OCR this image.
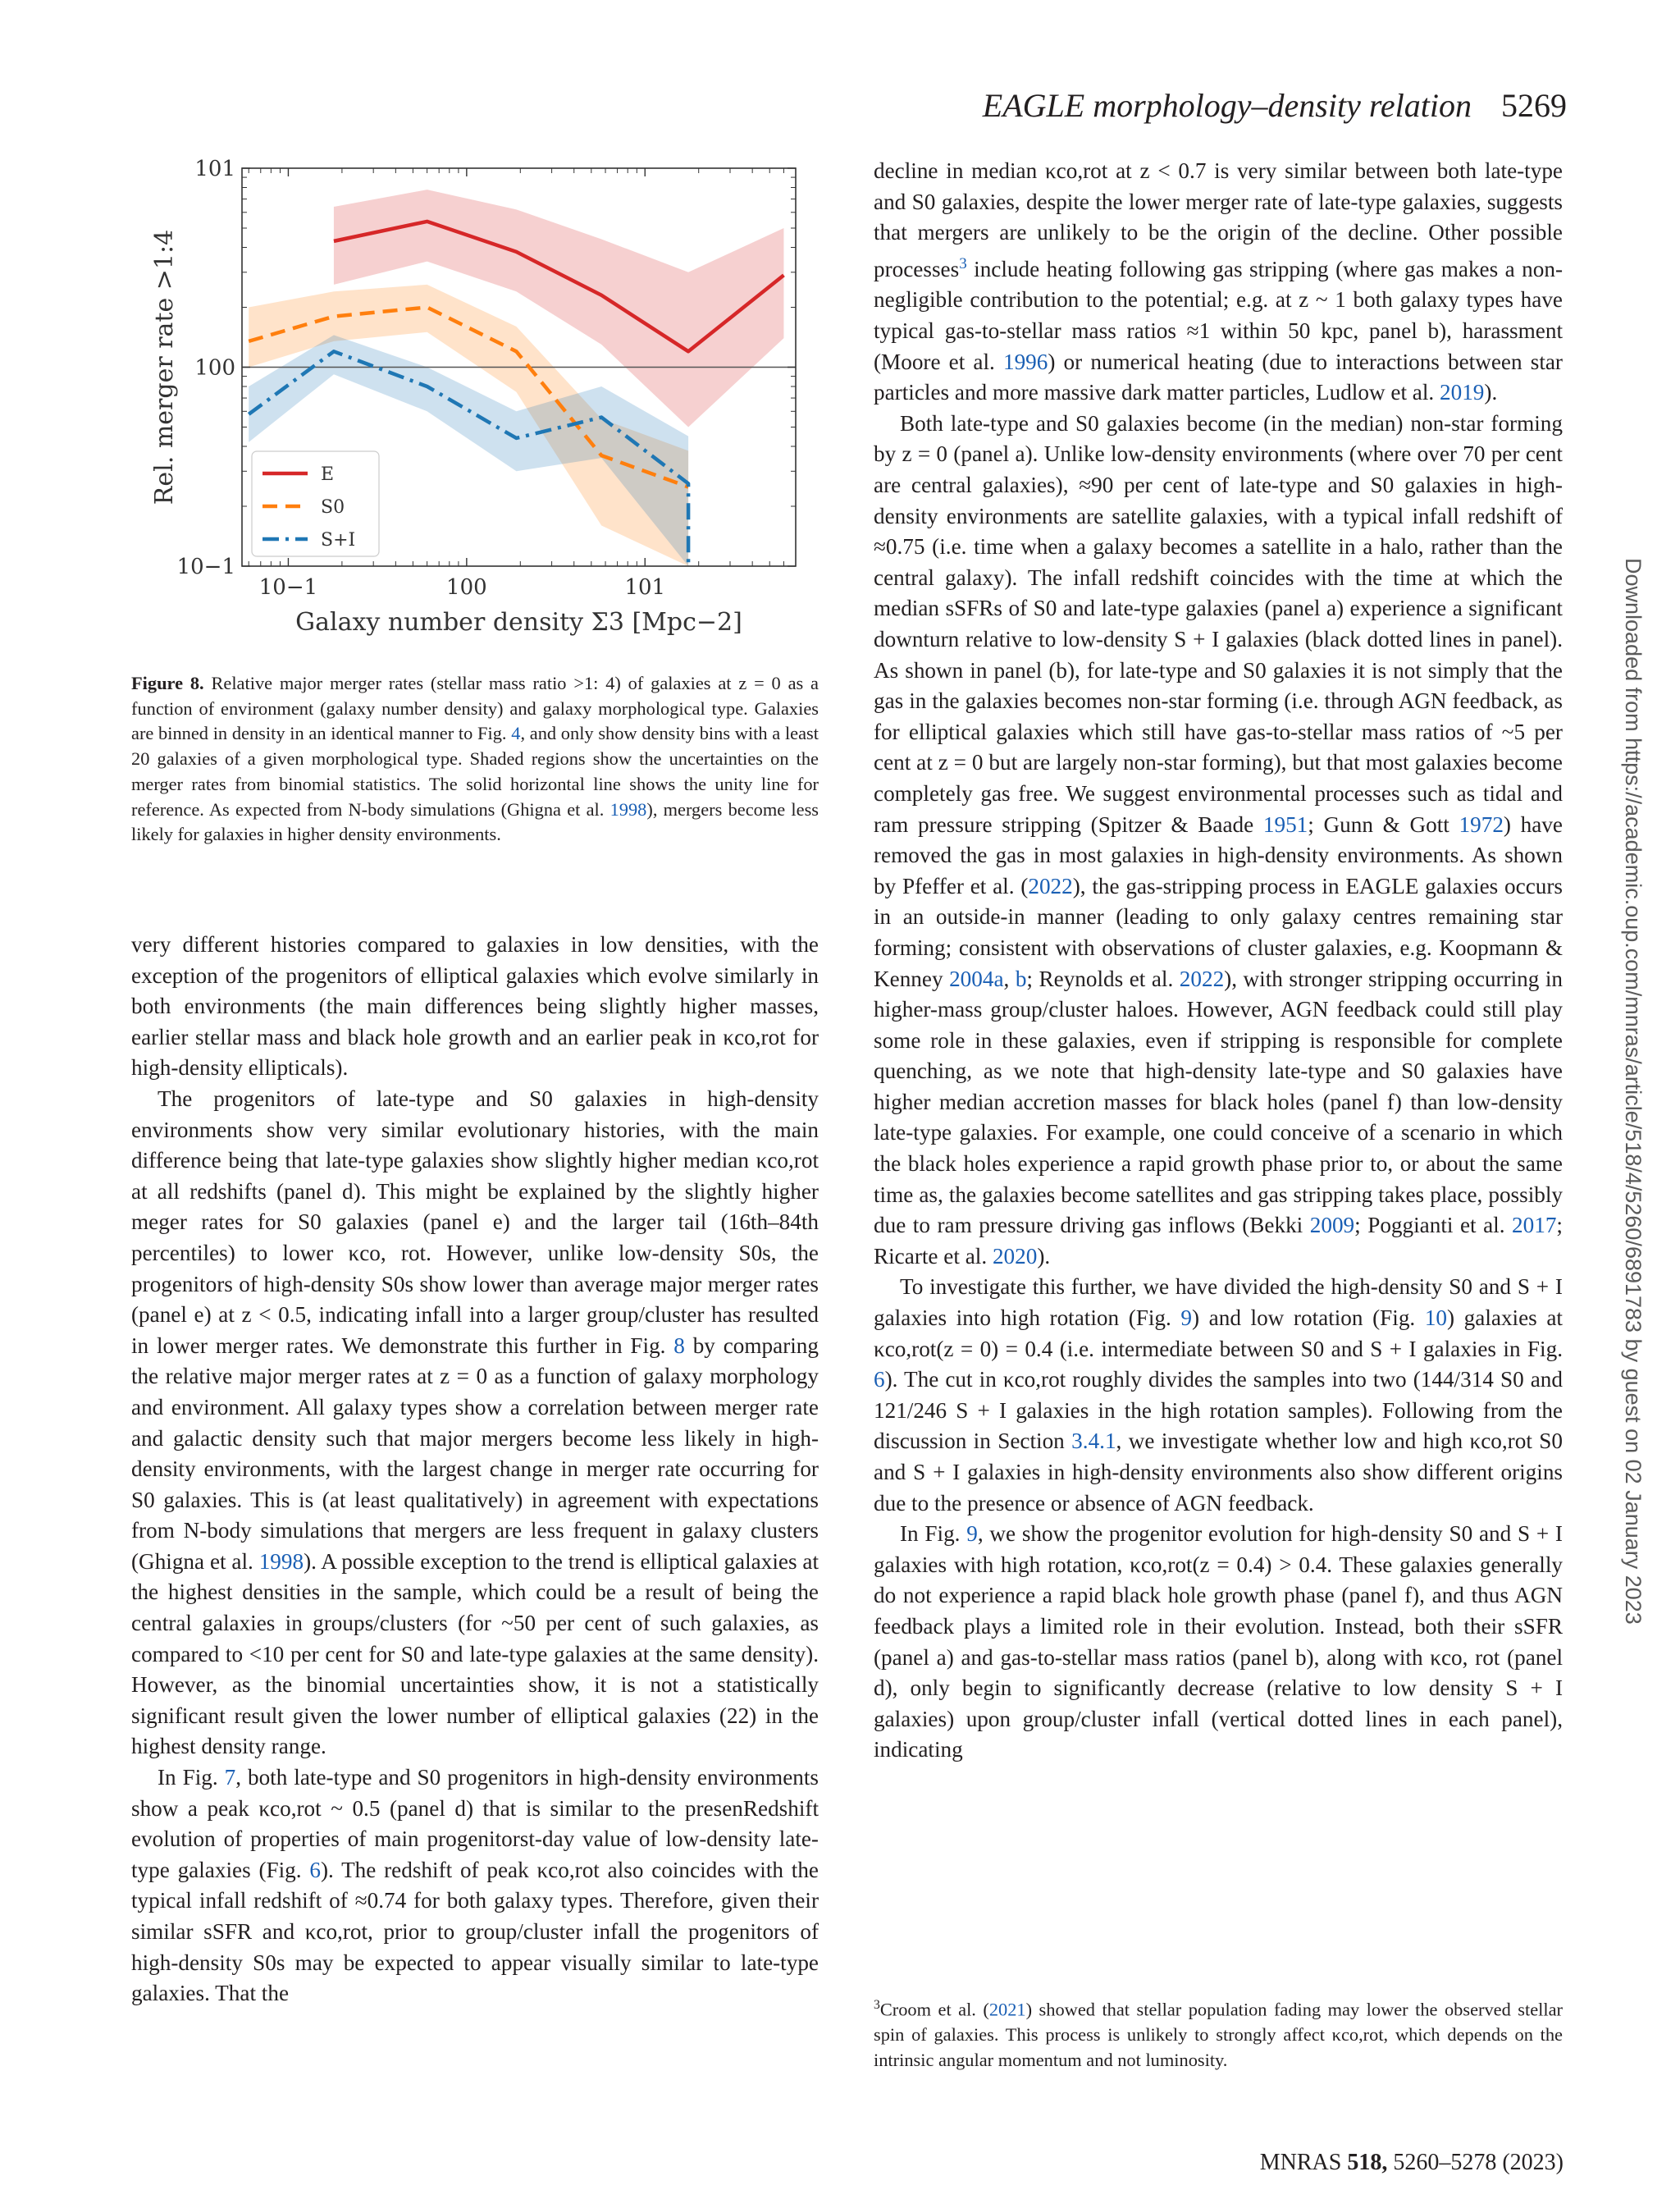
EAGLE morphology–density relation 5269
10−1
10−1
100
100
101
101
Galaxy number density Σ3 [Mpc−2]
Rel. merger rate >1:4	E
S0
S+I
Figure 8. Relative major merger rates (stellar mass ratio >1: 4) of galaxies at z = 0 as a function of environment (galaxy number density) and galaxy morphological type. Galaxies are binned in density in an identical manner to Fig. 4, and only show density bins with a least 20 galaxies of a given morphological type. Shaded regions show the uncertainties on the merger rates from binomial statistics. The solid horizontal line shows the unity line for reference. As expected from N-body simulations (Ghigna et al. 1998), mergers become less likely for galaxies in higher density environments.

very different histories compared to galaxies in low densities, with the exception of the progenitors of elliptical galaxies which evolve similarly in both environments (the main differences being slightly higher masses, earlier stellar mass and black hole growth and an earlier peak in κco,rot for high-density ellipticals).

The progenitors of late-type and S0 galaxies in high-density environments show very similar evolutionary histories, with the main difference being that late-type galaxies show slightly higher median κco,rot at all redshifts (panel d). This might be explained by the slightly higher meger rates for S0 galaxies (panel e) and the larger tail (16th–84th percentiles) to lower κco, rot. However, unlike low-density S0s, the progenitors of high-density S0s show lower than average major merger rates (panel e) at z < 0.5, indicating infall into a larger group/cluster has resulted in lower merger rates. We demonstrate this further in Fig. 8 by comparing the relative major merger rates at z = 0 as a function of galaxy morphology and environment. All galaxy types show a correlation between merger rate and galactic density such that major mergers become less likely in high-density environments, with the largest change in merger rate occurring for S0 galaxies. This is (at least qualitatively) in agreement with expectations from N-body simulations that mergers are less frequent in galaxy clusters (Ghigna et al. 1998). A possible exception to the trend is elliptical galaxies at the highest densities in the sample, which could be a result of being the central galaxies in groups/clusters (for ~50 per cent of such galaxies, as compared to <10 per cent for S0 and late-type galaxies at the same density). However, as the binomial uncertainties show, it is not a statistically significant result given the lower number of elliptical galaxies (22) in the highest density range.

In Fig. 7, both late-type and S0 progenitors in high-density environments show a peak κco,rot ~ 0.5 (panel d) that is similar to the presenRedshift evolution of properties of main progenitorst-day value of low-density late-type galaxies (Fig. 6). The redshift of peak κco,rot also coincides with the typical infall redshift of ≈0.74 for both galaxy types. Therefore, given their similar sSFR and κco,rot, prior to group/cluster infall the progenitors of high-density S0s may be expected to appear visually similar to late-type galaxies. That the

decline in median κco,rot at z < 0.7 is very similar between both late-type and S0 galaxies, despite the lower merger rate of late-type galaxies, suggests that mergers are unlikely to be the origin of the decline. Other possible processes$^3$ include heating following gas stripping (where gas makes a non-negligible contribution to the potential; e.g. at z ~ 1 both galaxy types have typical gas-to-stellar mass ratios ≈1 within 50 kpc, panel b), harassment (Moore et al. 1996) or numerical heating (due to interactions between star particles and more massive dark matter particles, Ludlow et al. 2019).

Both late-type and S0 galaxies become (in the median) non-star forming by z = 0 (panel a). Unlike low-density environments (where over 70 per cent are central galaxies), ≈90 per cent of late-type and S0 galaxies in high-density environments are satellite galaxies, with a typical infall redshift of ≈0.75 (i.e. time when a galaxy becomes a satellite in a halo, rather than the central galaxy). The infall redshift coincides with the time at which the median sSFRs of S0 and late-type galaxies (panel a) experience a significant downturn relative to low-density S + I galaxies (black dotted lines in panel). As shown in panel (b), for late-type and S0 galaxies it is not simply that the gas in the galaxies becomes non-star forming (i.e. through AGN feedback, as for elliptical galaxies which still have gas-to-stellar mass ratios of ~5 per cent at z = 0 but are largely non-star forming), but that most galaxies become completely gas free. We suggest environmental processes such as tidal and ram pressure stripping (Spitzer & Baade 1951; Gunn & Gott 1972) have removed the gas in most galaxies in high-density environments. As shown by Pfeffer et al. (2022), the gas-stripping process in EAGLE galaxies occurs in an outside-in manner (leading to only galaxy centres remaining star forming; consistent with observations of cluster galaxies, e.g. Koopmann & Kenney 2004a, b; Reynolds et al. 2022), with stronger stripping occurring in higher-mass group/cluster haloes. However, AGN feedback could still play some role in these galaxies, even if stripping is responsible for complete quenching, as we note that high-density late-type and S0 galaxies have higher median accretion masses for black holes (panel f) than low-density late-type galaxies. For example, one could conceive of a scenario in which the black holes experience a rapid growth phase prior to, or about the same time as, the galaxies become satellites and gas stripping takes place, possibly due to ram pressure driving gas inflows (Bekki 2009; Poggianti et al. 2017; Ricarte et al. 2020).

To investigate this further, we have divided the high-density S0 and S + I galaxies into high rotation (Fig. 9) and low rotation (Fig. 10) galaxies at κco,rot(z = 0) = 0.4 (i.e. intermediate between S0 and S + I galaxies in Fig. 6). The cut in κco,rot roughly divides the samples into two (144/314 S0 and 121/246 S + I galaxies in the high rotation samples). Following from the discussion in Section 3.4.1, we investigate whether low and high κco,rot S0 and S + I galaxies in high-density environments also show different origins due to the presence or absence of AGN feedback.

In Fig. 9, we show the progenitor evolution for high-density S0 and S + I galaxies with high rotation, κco,rot(z = 0.4) > 0.4. These galaxies generally do not experience a rapid black hole growth phase (panel f), and thus AGN feedback plays a limited role in their evolution. Instead, both their sSFR (panel a) and gas-to-stellar mass ratios (panel b), along with κco, rot (panel d), only begin to significantly decrease (relative to low density S + I galaxies) upon group/cluster infall (vertical dotted lines in each panel), indicating

$^3$Croom et al. (2021) showed that stellar population fading may lower the observed stellar spin of galaxies. This process is unlikely to strongly affect κco,rot, which depends on the intrinsic angular momentum and not luminosity.
MNRAS 518, 5260–5278 (2023)
Downloaded from https://academic.oup.com/mnras/article/518/4/5260/6891783 by guest on 02 January 2023
